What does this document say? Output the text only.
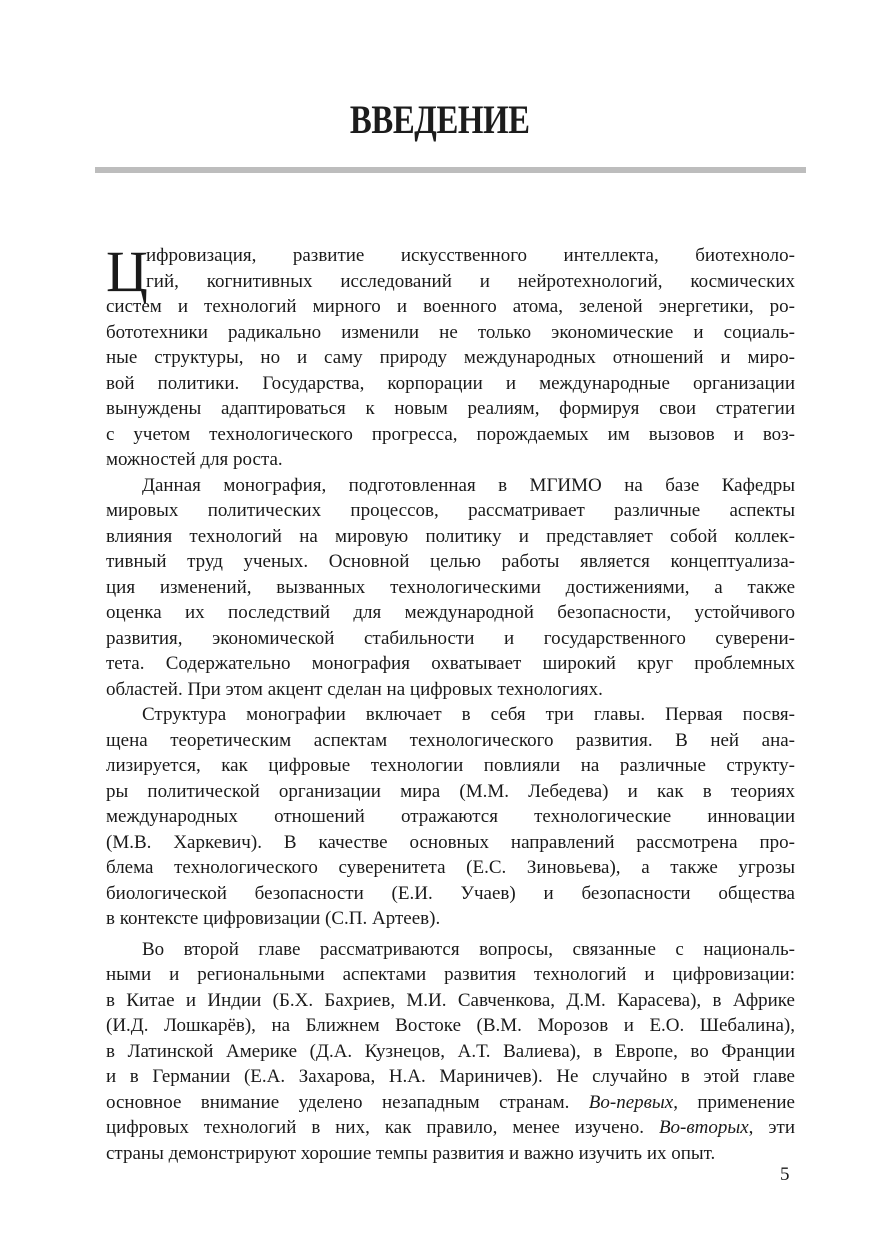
ВВЕДЕНИЕ
Ц
ифровизация, развитие искусственного интеллекта, биотехноло-
гий, когнитивных исследований и нейротехнологий, космических
систем и технологий мирного и военного атома, зеленой энергетики, ро-
бототехники радикально изменили не только экономические и социаль-
ные структуры, но и саму природу международных отношений и миро-
вой политики. Государства, корпорации и международные организации
вынуждены адаптироваться к новым реалиям, формируя свои стратегии
с учетом технологического прогресса, порождаемых им вызовов и воз-
можностей для роста.
Данная монография, подготовленная в МГИМО на базе Кафедры
мировых политических процессов, рассматривает различные аспекты
влияния технологий на мировую политику и представляет собой коллек-
тивный труд ученых. Основной целью работы является концептуализа-
ция изменений, вызванных технологическими достижениями, а также
оценка их последствий для международной безопасности, устойчивого
развития, экономической стабильности и государственного суверени-
тета. Содержательно монография охватывает широкий круг проблемных
областей. При этом акцент сделан на цифровых технологиях.
Структура монографии включает в себя три главы. Первая посвя-
щена теоретическим аспектам технологического развития. В ней ана-
лизируется, как цифровые технологии повлияли на различные структу-
ры политической организации мира (М.М. Лебедева) и как в теориях
международных отношений отражаются технологические инновации
(М.В. Харкевич). В качестве основных направлений рассмотрена про-
блема технологического суверенитета (Е.С. Зиновьева), а также угрозы
биологической безопасности (Е.И. Учаев) и безопасности общества
в контексте цифровизации (С.П. Артеев).
Во второй главе рассматриваются вопросы, связанные с националь-
ными и региональными аспектами развития технологий и цифровизации:
в Китае и Индии (Б.Х. Бахриев, М.И. Савченкова, Д.М. Карасева), в Африке
(И.Д. Лошкарёв), на Ближнем Востоке (В.М. Морозов и Е.О. Шебалина),
в Латинской Америке (Д.А. Кузнецов, А.Т. Валиева), в Европе, во Франции
и в Германии (Е.А. Захарова, Н.А. Мариничев). Не случайно в этой главе
основное внимание уделено незападным странам. Во-первых, применение
цифровых технологий в них, как правило, менее изучено. Во-вторых, эти
страны демонстрируют хорошие темпы развития и важно изучить их опыт.
5
